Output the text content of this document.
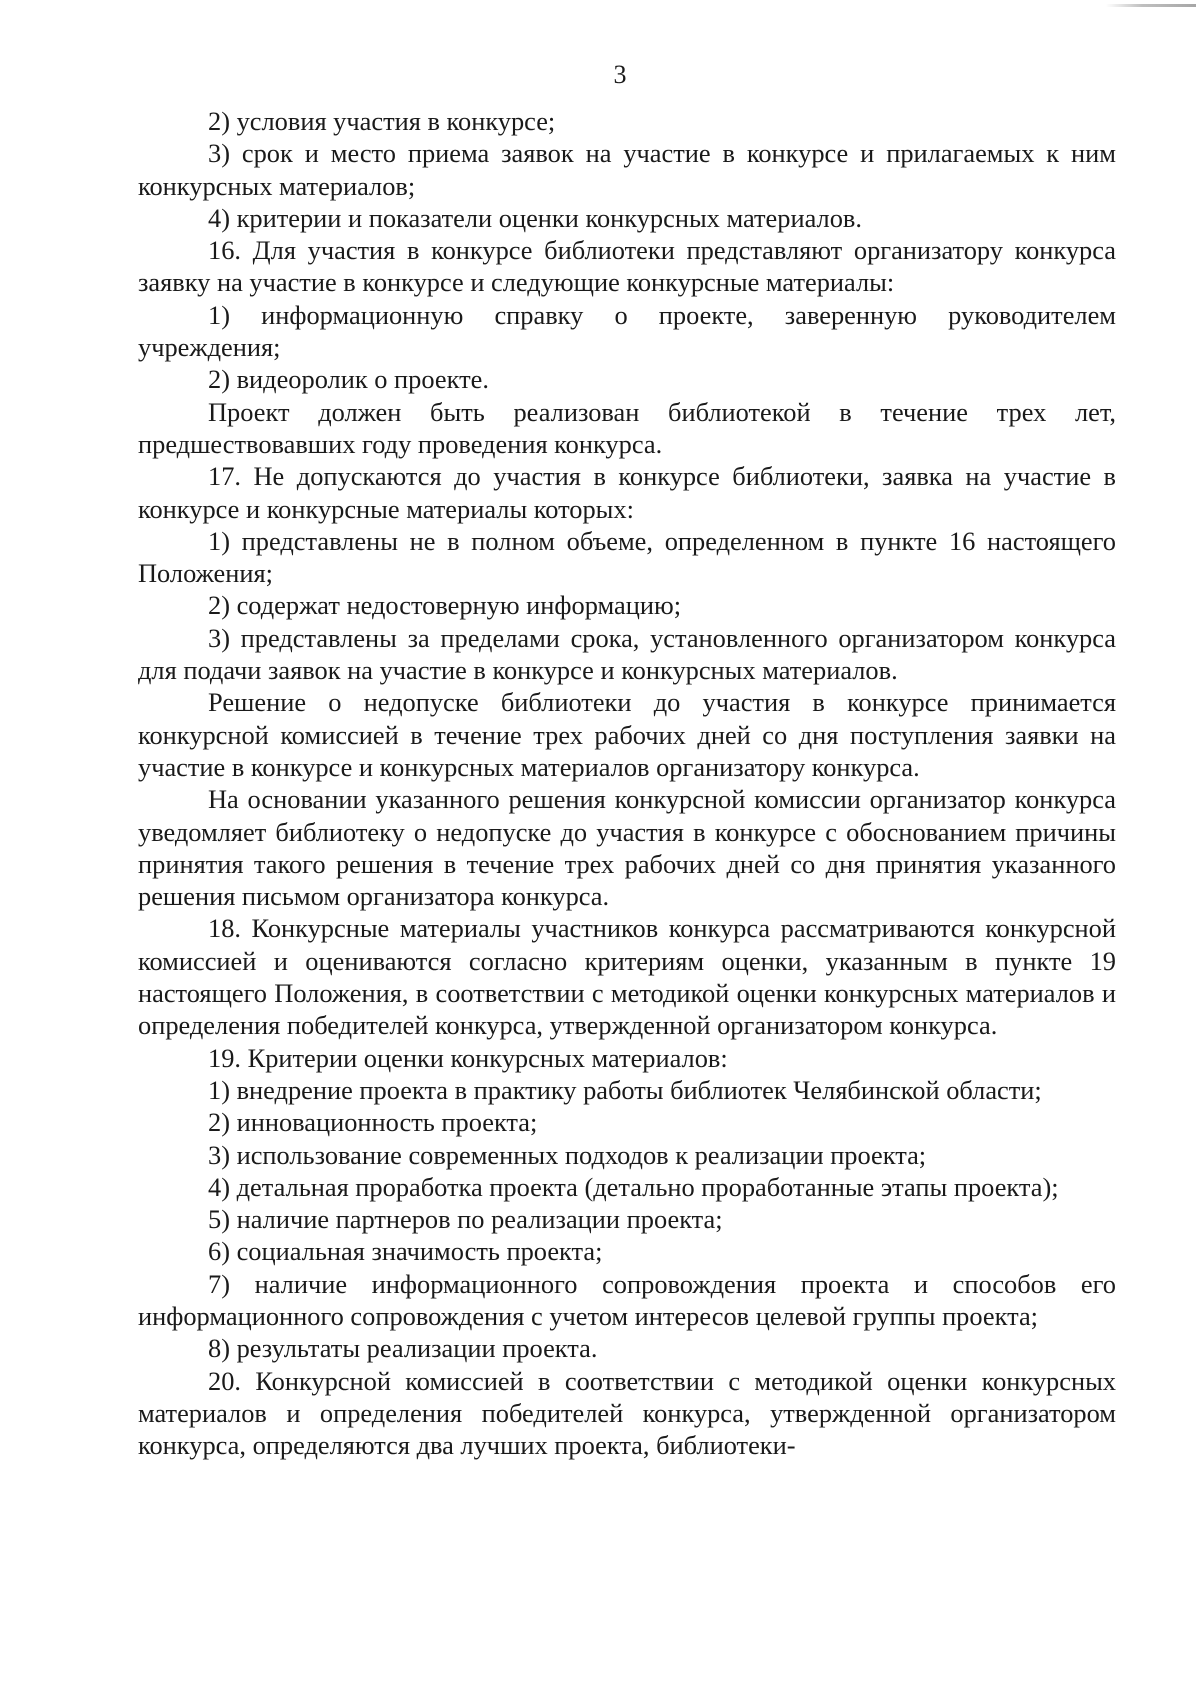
3

2) условия участия в конкурсе;

3) срок и место приема заявок на участие в конкурсе и прилагаемых к ним конкурсных материалов;

4) критерии и показатели оценки конкурсных материалов.

16. Для участия в конкурсе библиотеки представляют организатору конкурса заявку на участие в конкурсе и следующие конкурсные материалы:

1) информационную справку о проекте, заверенную руководителем учреждения;

2) видеоролик о проекте.

Проект должен быть реализован библиотекой в течение трех лет, предшествовавших году проведения конкурса.

17. Не допускаются до участия в конкурсе библиотеки, заявка на участие в конкурсе и конкурсные материалы которых:

1) представлены не в полном объеме, определенном в пункте 16 настоящего Положения;

2) содержат недостоверную информацию;

3) представлены за пределами срока, установленного организатором конкурса для подачи заявок на участие в конкурсе и конкурсных материалов.

Решение о недопуске библиотеки до участия в конкурсе принимается конкурсной комиссией в течение трех рабочих дней со дня поступления заявки на участие в конкурсе и конкурсных материалов организатору конкурса.

На основании указанного решения конкурсной комиссии организатор конкурса уведомляет библиотеку о недопуске до участия в конкурсе с обоснованием причины принятия такого решения в течение трех рабочих дней со дня принятия указанного решения письмом организатора конкурса.

18. Конкурсные материалы участников конкурса рассматриваются конкурсной комиссией и оцениваются согласно критериям оценки, указанным в пункте 19 настоящего Положения, в соответствии с методикой оценки конкурсных материалов и определения победителей конкурса, утвержденной организатором конкурса.

19. Критерии оценки конкурсных материалов:

1) внедрение проекта в практику работы библиотек Челябинской области;

2) инновационность проекта;

3) использование современных подходов к реализации проекта;

4) детальная проработка проекта (детально проработанные этапы проекта);

5) наличие партнеров по реализации проекта;

6) социальная значимость проекта;

7) наличие информационного сопровождения проекта и способов его информационного сопровождения с учетом интересов целевой группы проекта;

8) результаты реализации проекта.

20. Конкурсной комиссией в соответствии с методикой оценки конкурсных материалов и определения победителей конкурса, утвержденной организатором конкурса, определяются два лучших проекта, библиотеки-
